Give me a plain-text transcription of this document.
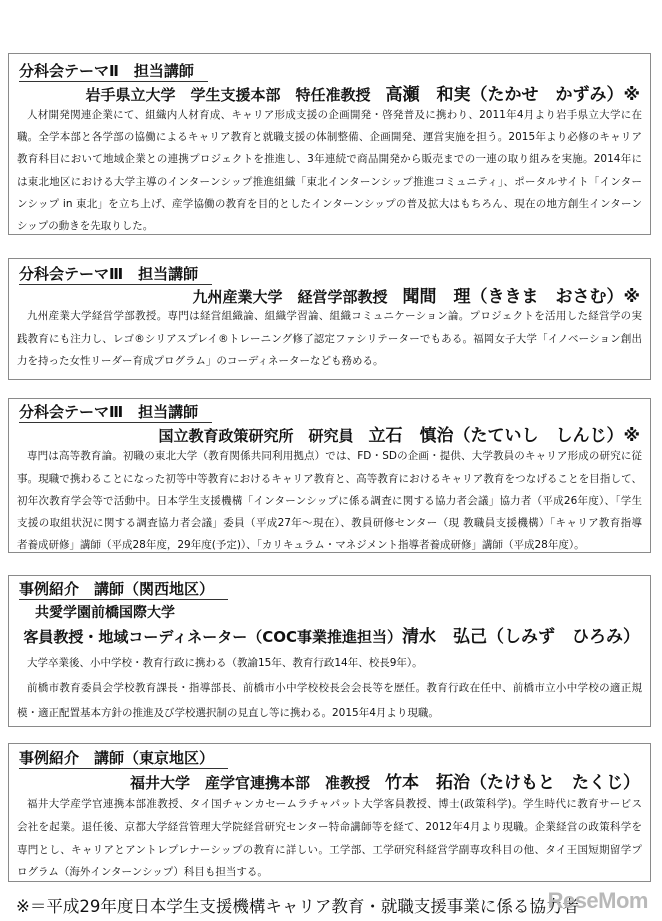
分科会テーマⅡ　担当講師
岩手県立大学　学生支援本部　特任准教授　高瀬　和実（たかせ　かずみ）※
人材開発関連企業にて、組織内人材育成、キャリア形成支援の企画開発・啓発普及に携わり、2011年4月より岩手県立大学に在
職。全学本部と各学部の協働によるキャリア教育と就職支援の体制整備、企画開発、運営実施を担う。2015年より必修のキャリア
教育科目において地域企業との連携プロジェクトを推進し、3年連続で商品開発から販売までの一連の取り組みを実施。2014年に
は東北地区における大学主導のインターンシップ推進組織「東北インターンシップ推進コミュニティ」、ポータルサイト「インター
ンシップ in 東北」を立ち上げ、産学協働の教育を目的としたインターンシップの普及拡大はもちろん、現在の地方創生インターン
シップの動きを先取りした。
分科会テーマⅢ　担当講師
九州産業大学　経営学部教授　聞間　理（ききま　おさむ）※
九州産業大学経営学部教授。専門は経営組織論、組織学習論、組織コミュニケーション論。プロジェクトを活用した経営学の実
践教育にも注力し、レゴ®シリアスプレイ®トレーニング修了認定ファシリテーターでもある。福岡女子大学「イノベーション創出
力を持った女性リーダー育成プログラム」のコーディネーターなども務める。
分科会テーマⅢ　担当講師
国立教育政策研究所　研究員　立石　慎治（たていし　しんじ）※
専門は高等教育論。初職の東北大学（教育関係共同利用拠点）では、FD・SDの企画・提供、大学教員のキャリア形成の研究に従
事。現職で携わることになった初等中等教育におけるキャリア教育と、高等教育におけるキャリア教育をつなげることを目指して、
初年次教育学会等で活動中。日本学生支援機構「インターンシップに係る調査に関する協力者会議」協力者（平成26年度）、「学生
支援の取組状況に関する調査協力者会議」委員（平成27年～現在）、教員研修センター（現 教職員支援機構）「キャリア教育指導
者養成研修」講師（平成28年度，29年度(予定)）、「カリキュラム・マネジメント指導者養成研修」講師（平成28年度）。
事例紹介　講師（関西地区）
共愛学園前橋国際大学
客員教授・地域コーディネーター（COC事業推進担当）清水　弘己（しみず　ひろみ）
大学卒業後、小中学校・教育行政に携わる（教諭15年、教育行政14年、校長9年）。
前橋市教育委員会学校教育課長・指導部長、前橋市小中学校校長会会長等を歴任。教育行政在任中、前橋市立小中学校の適正規
模・適正配置基本方針の推進及び学校選択制の見直し等に携わる。2015年4月より現職。
事例紹介　講師（東京地区）
福井大学　産学官連携本部　准教授　竹本　拓治（たけもと　たくじ）
福井大学産学官連携本部准教授、タイ国チャンカセームラチャパット大学客員教授、博士(政策科学)。学生時代に教育サービス
会社を起業。退任後、京都大学経営管理大学院経営研究センター特命講師等を経て、2012年4月より現職。企業経営の政策科学を
専門とし、キャリアとアントレプレナーシップの教育に詳しい。工学部、工学研究科経営学副専攻科目の他、タイ王国短期留学プ
ログラム（海外インターンシップ）科目も担当する。
※＝平成29年度日本学生支援機構キャリア教育・就職支援事業に係る協力者
ReseMom
